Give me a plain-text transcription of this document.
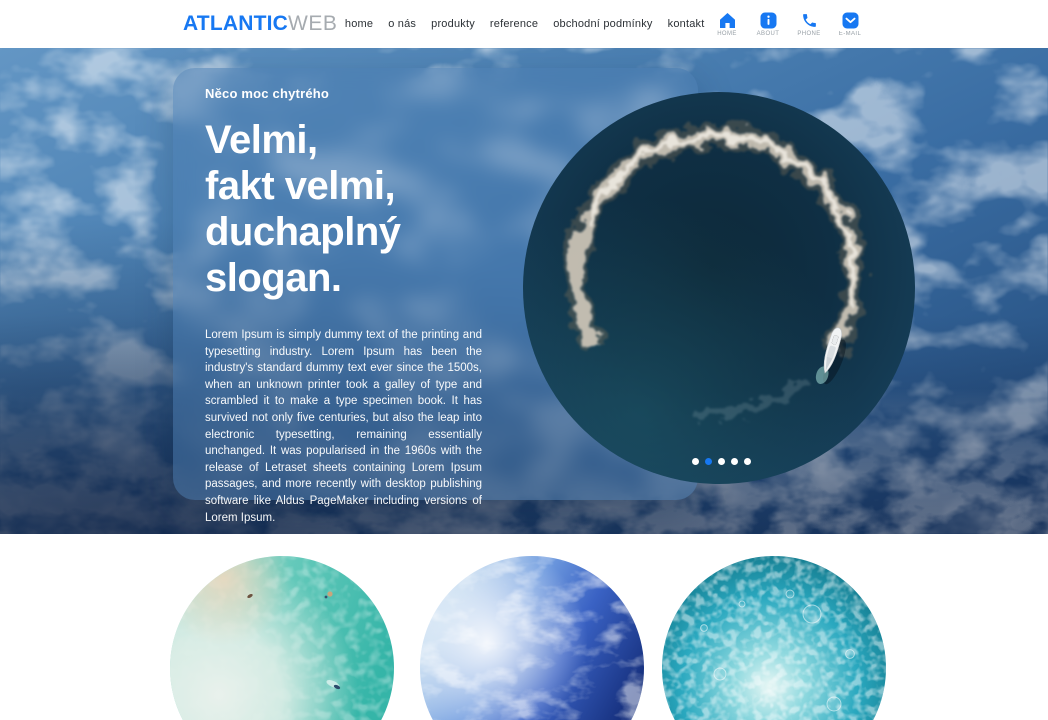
ATLANTIC WEB home o nás produkty reference obchodní podmínky kontakt
HOME	ABOUT	PHONE	E-MAIL
Něco moc chytrého
Velmi,
fakt velmi,
duchaplný
slogan.

Lorem Ipsum is simply dummy text of the printing and typesetting industry. Lorem Ipsum has been the industry's standard dummy text ever since the 1500s, when an unknown printer took a galley of type and scrambled it to make a type specimen book. It has survived not only five centuries, but also the leap into electronic typesetting, remaining essentially unchanged. It was popularised in the 1960s with the release of Letraset sheets containing Lorem Ipsum passages, and more recently with desktop publishing software like Aldus PageMaker including versions of Lorem Ipsum.
